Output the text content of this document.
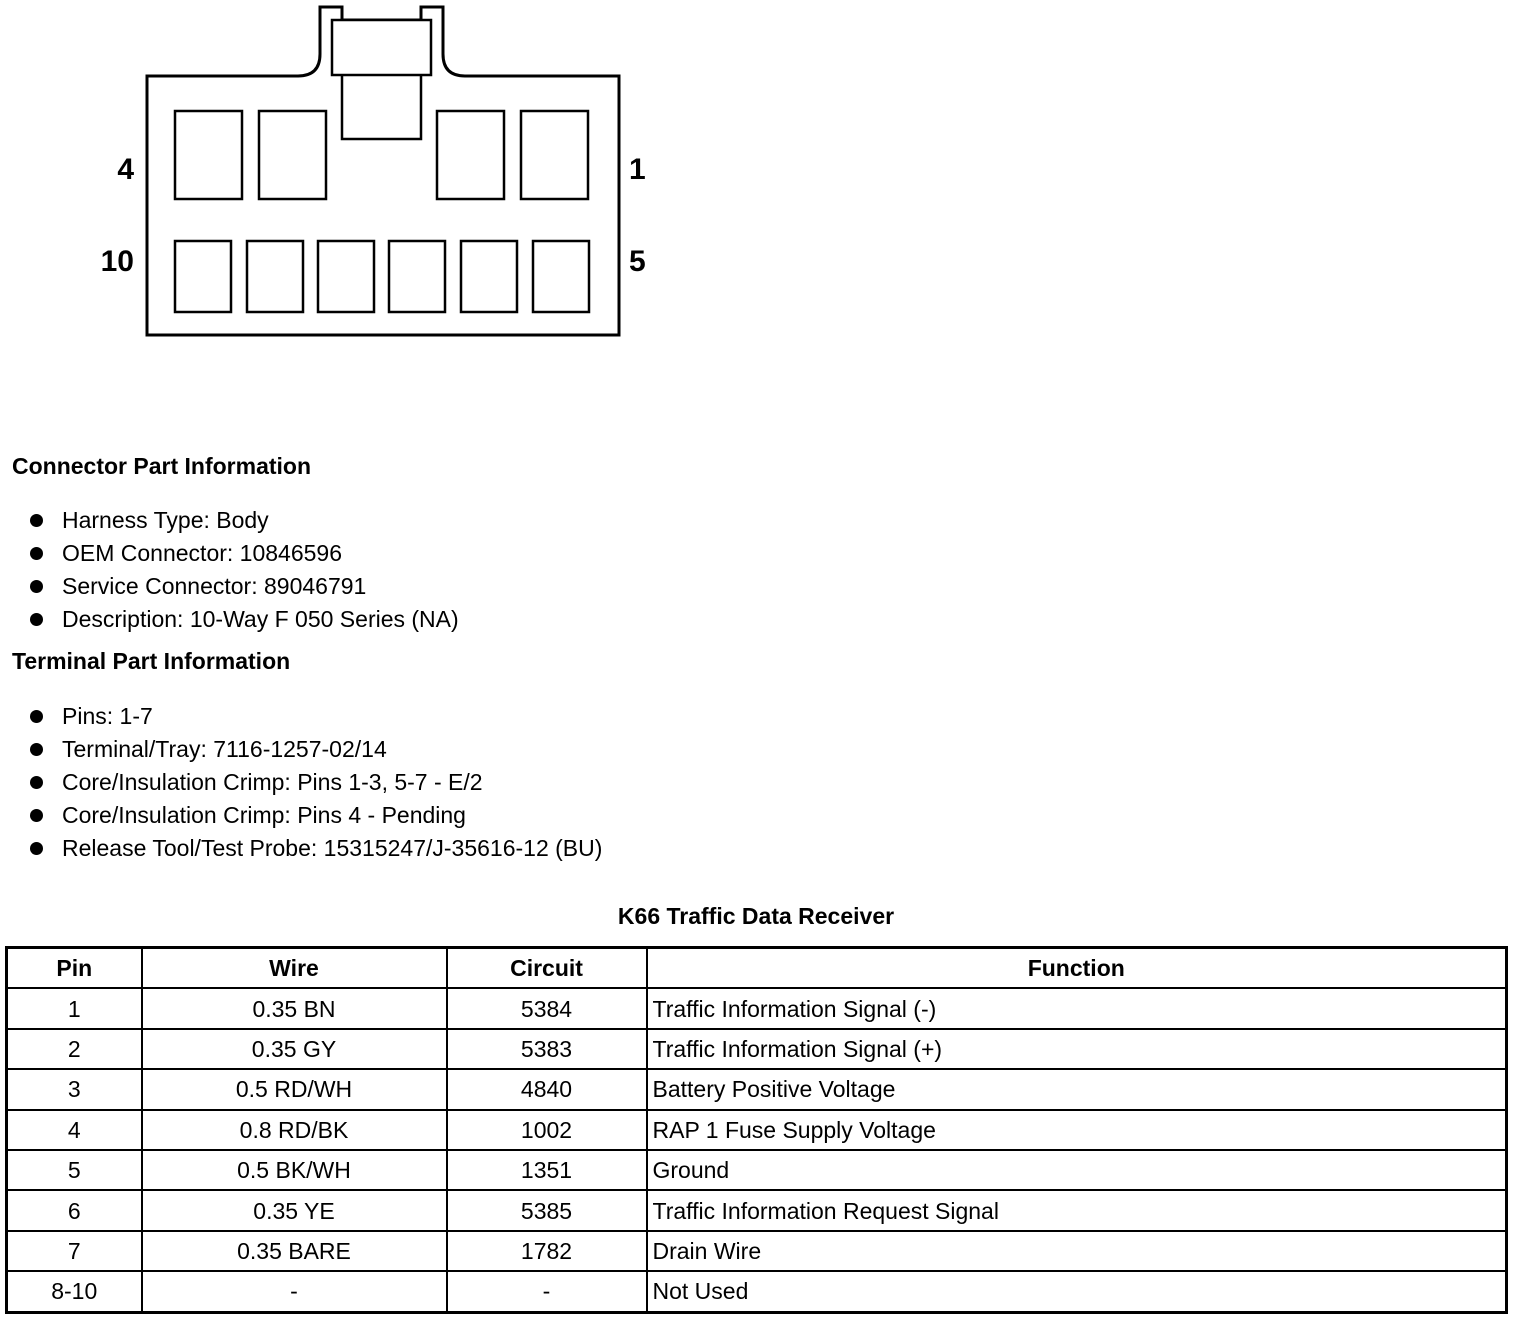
4	1
10	5
Connector Part Information
Harness Type: Body
OEM Connector: 10846596
Service Connector: 89046791
Description: 10-Way F 050 Series (NA)
Terminal Part Information
Pins: 1-7
Terminal/Tray: 7116-1257-02/14
Core/Insulation Crimp: Pins 1-3, 5-7 - E/2
Core/Insulation Crimp: Pins 4 - Pending
Release Tool/Test Probe: 15315247/J-35616-12 (BU)
K66 Traffic Data Receiver
Pin	Wire	Circuit	Function
1	0.35 BN	5384	Traffic Information Signal (-)
2	0.35 GY	5383	Traffic Information Signal (+)
3	0.5 RD/WH	4840	Battery Positive Voltage
4	0.8 RD/BK	1002	RAP 1 Fuse Supply Voltage
5	0.5 BK/WH	1351	Ground
6	0.35 YE	5385	Traffic Information Request Signal
7	0.35 BARE	1782	Drain Wire
8-10	-	-	Not Used
